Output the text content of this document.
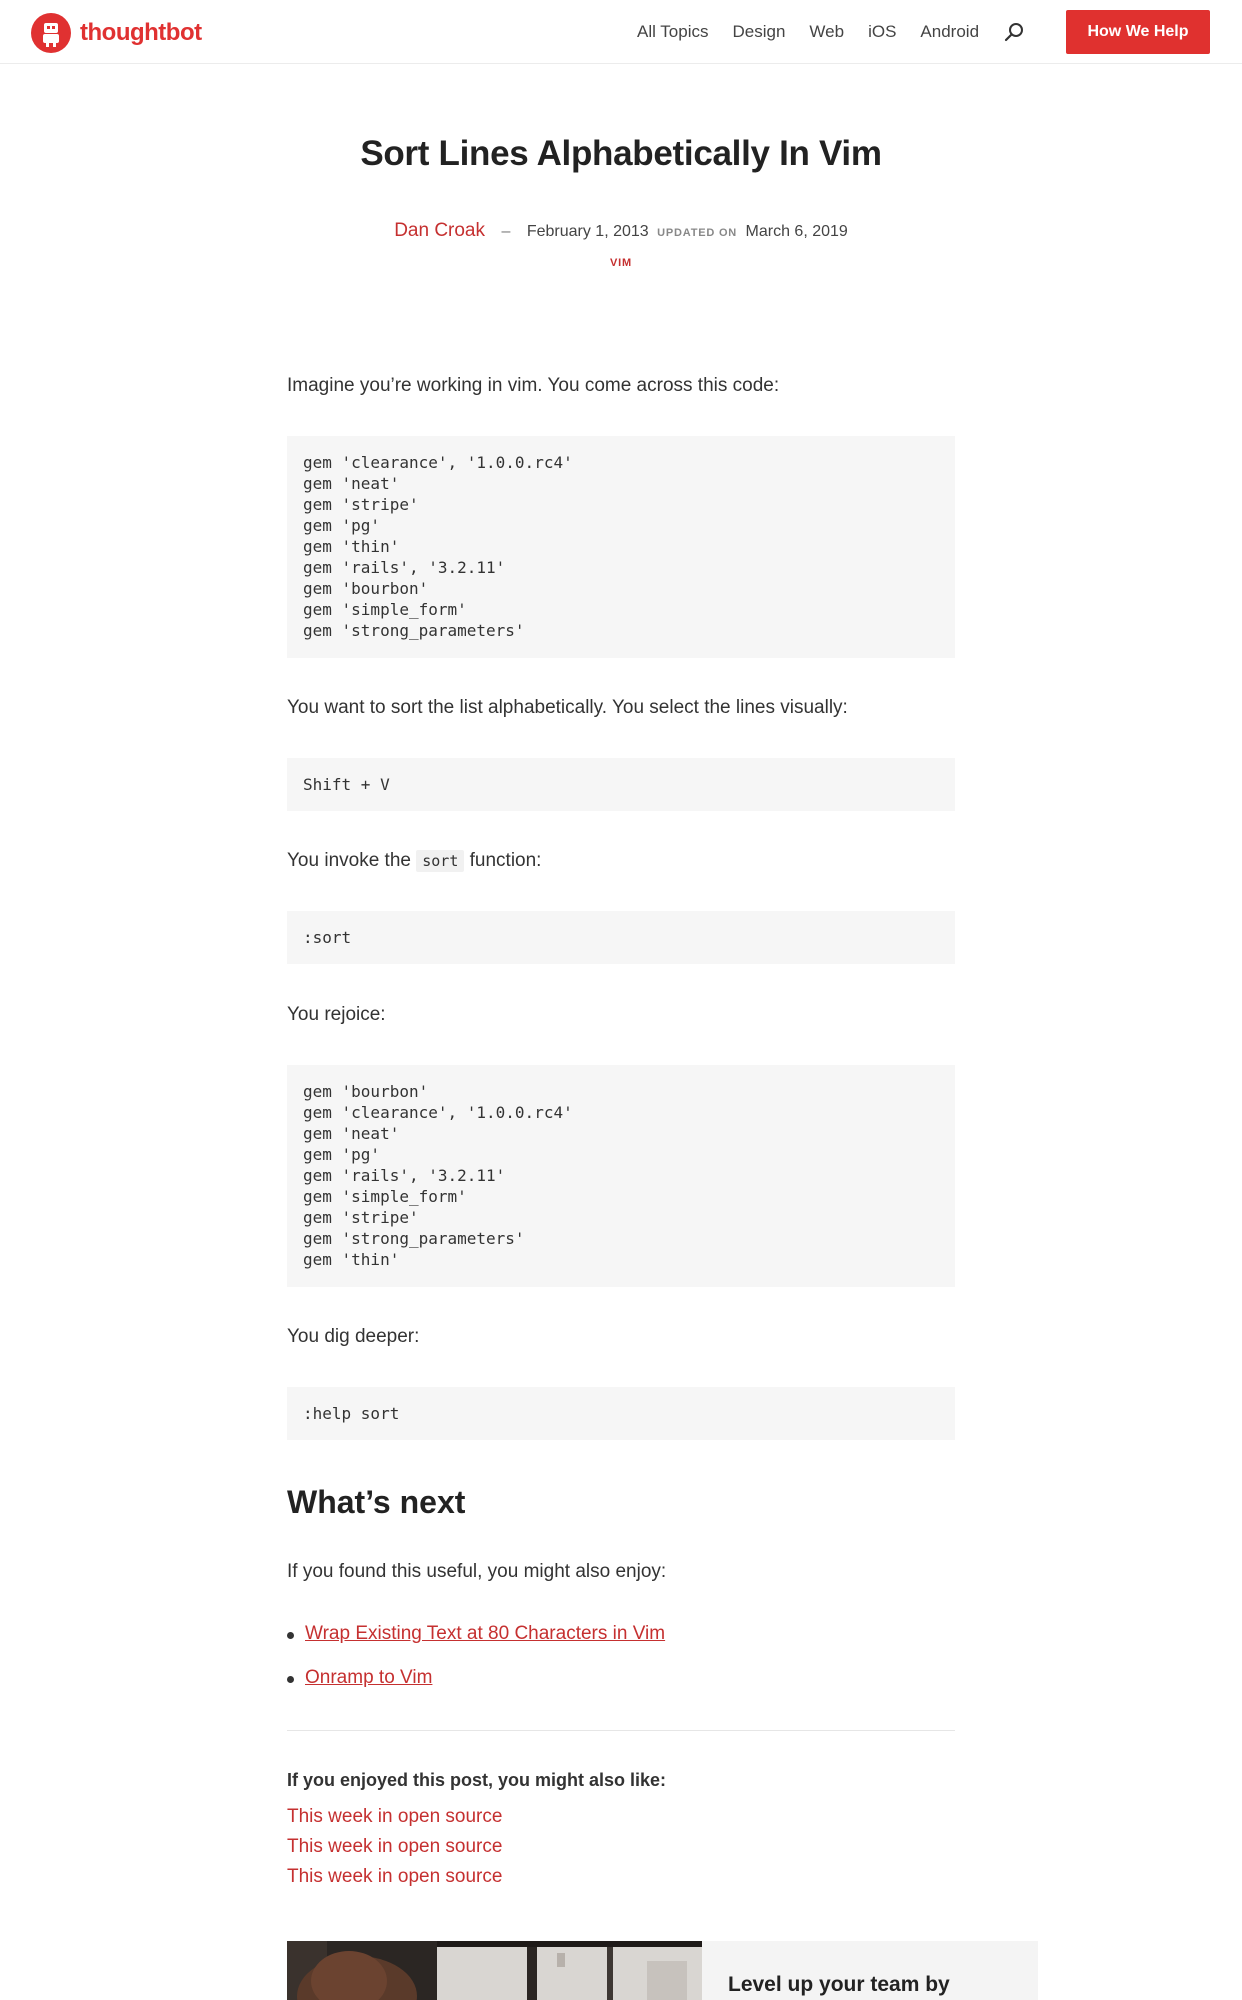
thoughtbot	All Topics Design Web iOS Android	How We Help
Sort Lines Alphabetically In Vim
Dan Croak – February 1, 2013 UPDATED ON March 6, 2019
VIM

Imagine you’re working in vim. You come across this code:

gem 'clearance', '1.0.0.rc4'
gem 'neat'
gem 'stripe'
gem 'pg'
gem 'thin'
gem 'rails', '3.2.11'
gem 'bourbon'
gem 'simple_form'
gem 'strong_parameters'

You want to sort the list alphabetically. You select the lines visually:

Shift + V

You invoke the sort function:

:sort

You rejoice:

gem 'bourbon'
gem 'clearance', '1.0.0.rc4'
gem 'neat'
gem 'pg'
gem 'rails', '3.2.11'
gem 'simple_form'
gem 'stripe'
gem 'strong_parameters'
gem 'thin'

You dig deeper:

:help sort
What’s next

If you found this useful, you might also enjoy:

Wrap Existing Text at 80 Characters in Vim
Onramp to Vim

If you enjoyed this post, you might also like:

This week in open source
This week in open source
This week in open source

Level up your team by
